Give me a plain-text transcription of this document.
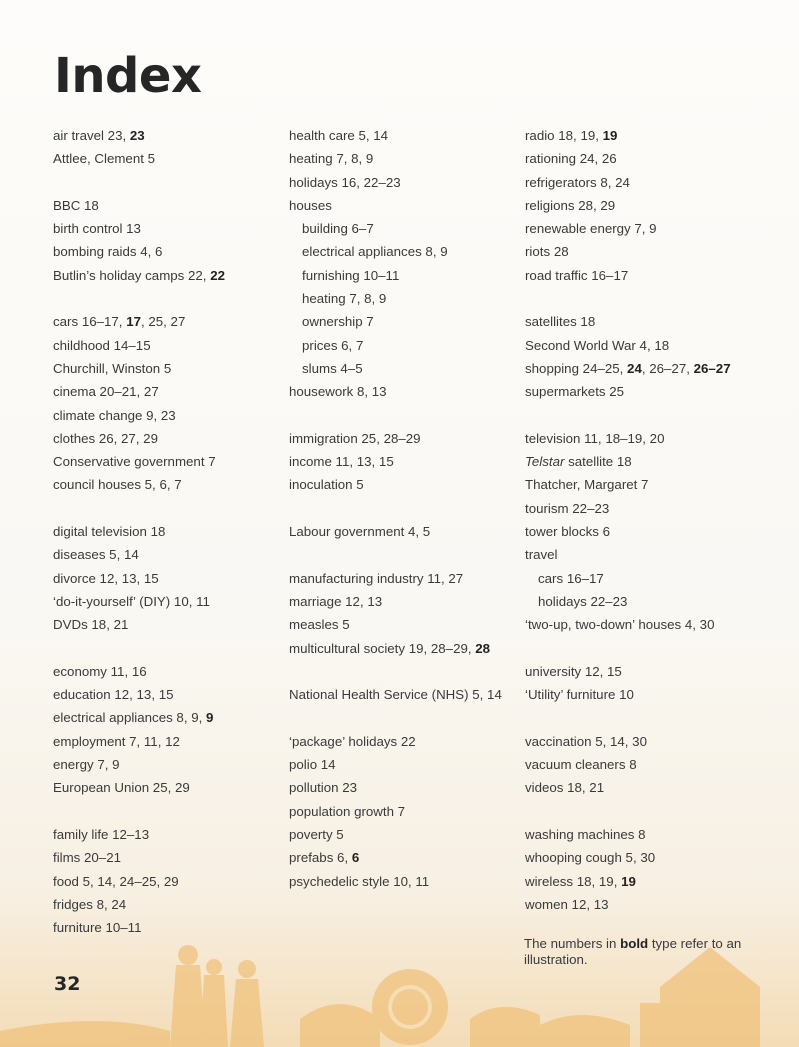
Index
air travel 23, 23
Attlee, Clement 5
BBC 18
birth control 13
bombing raids 4, 6
Butlin’s holiday camps 22, 22
cars 16–17, 17, 25, 27
childhood 14–15
Churchill, Winston 5
cinema 20–21, 27
climate change 9, 23
clothes 26, 27, 29
Conservative government 7
council houses 5, 6, 7
digital television 18
diseases 5, 14
divorce 12, 13, 15
‘do-it-yourself’ (DIY) 10, 11
DVDs 18, 21
economy 11, 16
education 12, 13, 15
electrical appliances 8, 9, 9
employment 7, 11, 12
energy 7, 9
European Union 25, 29
family life 12–13
films 20–21
food 5, 14, 24–25, 29
fridges 8, 24
furniture 10–11
health care 5, 14
heating 7, 8, 9
holidays 16, 22–23
houses
building 6–7
electrical appliances 8, 9
furnishing 10–11
heating 7, 8, 9
ownership 7
prices 6, 7
slums 4–5
housework 8, 13
immigration 25, 28–29
income 11, 13, 15
inoculation 5
Labour government 4, 5
manufacturing industry 11, 27
marriage 12, 13
measles 5
multicultural society 19, 28–29, 28
National Health Service (NHS) 5, 14
‘package’ holidays 22
polio 14
pollution 23
population growth 7
poverty 5
prefabs 6, 6
psychedelic style 10, 11
radio 18, 19, 19
rationing 24, 26
refrigerators 8, 24
religions 28, 29
renewable energy 7, 9
riots 28
road traffic 16–17
satellites 18
Second World War 4, 18
shopping 24–25, 24, 26–27, 26–27
supermarkets 25
television 11, 18–19, 20
Telstar satellite 18
Thatcher, Margaret 7
tourism 22–23
tower blocks 6
travel
cars 16–17
holidays 22–23
‘two-up, two-down’ houses 4, 30
university 12, 15
‘Utility’ furniture 10
vaccination 5, 14, 30
vacuum cleaners 8
videos 18, 21
washing machines 8
whooping cough 5, 30
wireless 18, 19, 19
women 12, 13
The numbers in bold type refer to an illustration.
32
